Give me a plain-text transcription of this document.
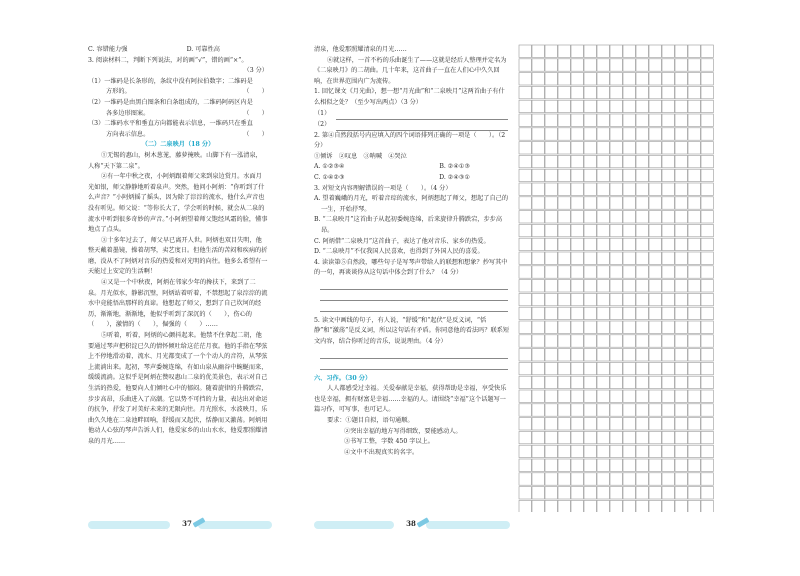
C. 容错能力强	D. 可靠性高

3. 阅读材料二，判断下列说法，对的画“√”，错的画“×”。

（3 分）

（1）一维码是长条形的，条纹中没有阿拉伯数字；二维码是

方形的。	（　　）

（2）一维码是由黑白图条和白条组成的，二维码阿码区内是

各多边形图案。	（　　）

（3）二维码水平和垂直方向都能表示信息，一维码只在垂直

方向表示信息。	（　　）

（二）二泉映月（18 分）

①无锡的惠山，树木葱茏，藤萝掩映。山脚下有一泓清泉，人称“天下第二泉”。

②有一年中秋之夜，小阿炳跟着师父来到泉边赏月。水面月光如银，师父静静地听着泉声。突然，他问小阿炳：“你听到了什么声音？”小阿炳摇了摇头，因为除了淙淙的流水，他什么声音也没有听见。师父说：“等你长大了，学会听的时候，就会从二泉的流水中听到很多奇妙的声音。”小阿炳望着师父饱经风霜的脸，懂事地点了点头。

③十多年过去了，师父早已离开人世。阿炳也双目失明，他整天戴着墨镜，操着胡琴，卖艺度日。但他生活的苦闷和疾病的折磨，没从不了阿炳对音乐的热爱和对光明的向往。他多么希望有一天能过上安定的生活啊！

④又是一个中秋夜，阿炳在邻家少年的搀扶下，来到了二泉。月光似水，静影沉璧，阿炳站着听着，不禁想起了泉淙淙的流水中竟能悟出那样的真谛。他想起了师父，想到了自己坎坷的经历，渐渐地，渐渐地，他似乎听到了深沉的（　　），伤心的（　　），激情的（　　），倔强的（　　）……

⑤听着，听着，阿炳的心颤抖起来。他禁不住拿起二胡，他要通过琴声把积淀已久的情怀倾吐给这茫茫月夜。他的手指在琴弦上不停地滑动着，流水、月光都变成了一个个动人的音符，从琴弦上流淌出来。起初，琴声委婉连绵，有如山泉从幽谷中蜿蜒而来，缓缓流淌。这似乎是阿炳在赞叹惠山二泉的优美景色，表示对自己生活的热爱，他要向人们倾吐心中的郁闷。随着旋律的升腾跌宕，步步高昂，乐曲进入了高潮。它以势不可挡的力量，表达出对命运的抗争，抒发了对美好未来的无限向往。月光照水，水波映月，乐曲久久地在二泉池畔回响，舒缓而又起伏，恬静而又激荡。阿炳用他动人心弦的琴声告诉人们，他爱家乡的山山水水，他爱那照耀清泉的月光……

37

清泉，他爱那照耀清泉的月光……

⑥就这样，一首不朽的乐曲诞生了——这就是经后人整理并定名为《二泉映月》的二胡曲。几十年来，这首曲子一直在人们心中久久回响，在世界范围内广为流传。

1. 回忆课文《月光曲》，想一想“月光曲”和“二泉映月”这两首曲子有什么相似之处？（至少写出两点）（3 分）

（1）
（2）

2. 第④自然段括号内应填入的四个词语排列正确的一项是（　　）。（2 分）

①倾诉　②叹息　③呐喊　④哭泣

A. ①②③④	B. ②④①③
C. ①④②③	D. ②④③①

3. 对短文内容理解错误的一项是（　　）。（4 分）

A. 望着巍峨的月光，听着音琮的流水，阿炳想起了师父，想起了自己的一生，开始抒琴。

B. “二泉映月”这首曲子从起初委婉连绵，后来旋律升腾跌宕，步步高昂。

C. 阿炳借“二泉映月”这首曲子，表达了他对音乐、家乡的热爱。

D. “二泉映月”不仅我国人民喜欢，也得到了外国人民的喜爱。

4. 读读第⑤自然段，哪些句子是写琴声带给人的联想和想象？抄写其中的一句，再谈谈你从这句话中体会到了什么？（4 分）

5. 读文中画线的句子，有人说，“舒缓”和“起伏”是反义词，“恬静”和“激荡”是反义词，所以这句话有矛盾。你同意他的看法吗？联系短文内容，结合你听过的音乐，说说理由。（4 分）

六、习作。（30 分）

人人都感受过幸福。关爱奉献是幸福，获得帮助是幸福，享受快乐也是幸福，拥有财富是幸福……幸福的人。请围绕“幸福”这个话题写一篇习作，可写事，也可记人。

要求：①题目自拟，语句通顺。

②突出幸福的地方写得细致，要能感动人。

③书写工整，字数 450 字以上。

④文中不出现真实的名字。

38
